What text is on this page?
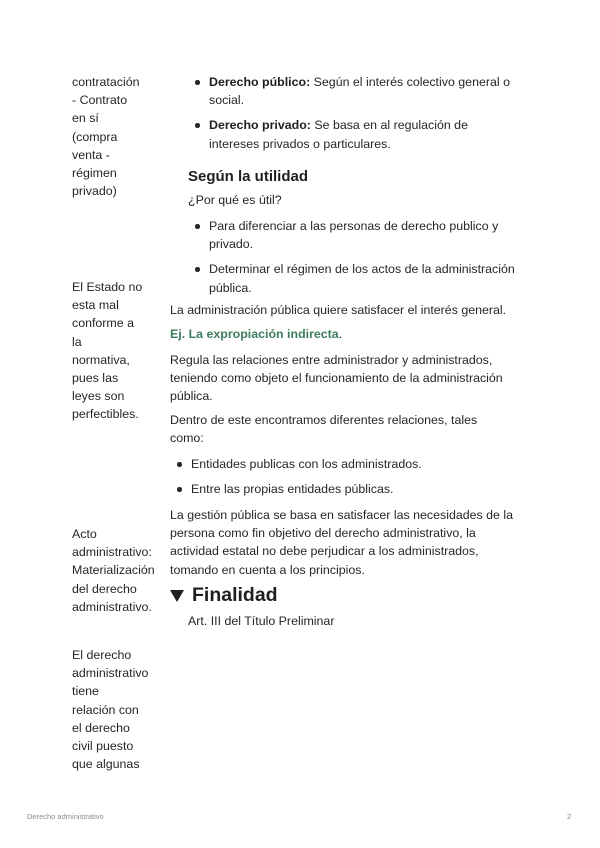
contratación
- Contrato
en sí
(compra
venta -
régimen
privado)
El Estado no
esta mal
conforme a
la
normativa,
pues las
leyes son
perfectibles.
Acto
administrativo:
Materialización
del derecho
administrativo.
El derecho
administrativo
tiene
relación con
el derecho
civil puesto
que algunas
Derecho público: Según el interés colectivo general o
social.
Derecho privado: Se basa en al regulación de
intereses privados o particulares.
Según la utilidad
¿Por qué es útil?
Para diferenciar a las personas de derecho publico y
privado.
Determinar el régimen de los actos de la administración
pública.
La administración pública quiere satisfacer el interés general.
Ej. La expropiación indirecta.
Regula las relaciones entre administrador y administrados,
teniendo como objeto el funcionamiento de la administración
pública.
Dentro de este encontramos diferentes relaciones, tales
como:
Entidades publicas con los administrados.
Entre las propias entidades públicas.
La gestión pública se basa en satisfacer las necesidades de la
persona como fin objetivo del derecho administrativo, la
actividad estatal no debe perjudicar a los administrados,
tomando en cuenta a los principios.
Finalidad
Art. III del Título Preliminar
Derecho administrativo	2
